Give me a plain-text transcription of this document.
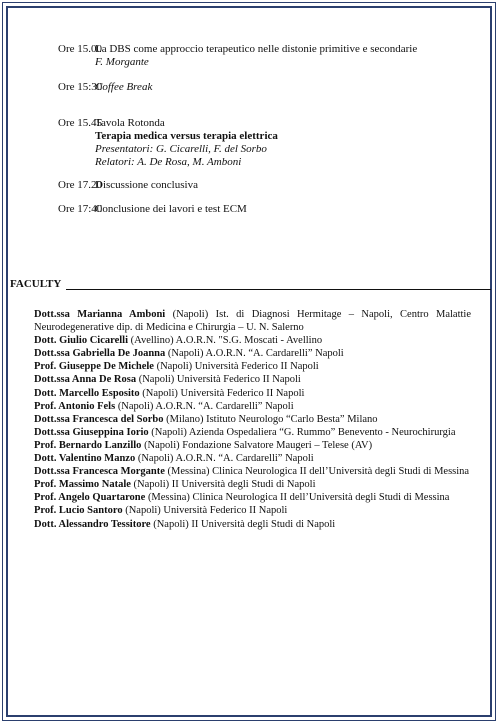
Ore 15.00
La DBS come approccio terapeutico nelle distonie primitive e secondarie
F. Morgante
Ore 15:30
Coffee Break
Ore 15.45
Tavola Rotonda
Terapia medica versus terapia elettrica
Presentatori: G. Cicarelli, F. del Sorbo
Relatori: A. De Rosa, M. Amboni
Ore 17.20
Discussione conclusiva
Ore 17:40
Conclusione dei lavori e test ECM
FACULTY
Dott.ssa Marianna Amboni (Napoli) Ist. di Diagnosi Hermitage – Napoli, Centro Malattie Neurodegenerative dip. di Medicina e Chirurgia – U. N. Salerno
Dott. Giulio Cicarelli (Avellino) A.O.R.N. "S.G. Moscati - Avellino
Dott.ssa Gabriella De Joanna (Napoli) A.O.R.N. “A. Cardarelli” Napoli
Prof. Giuseppe De Michele (Napoli) Università Federico II Napoli
Dott.ssa Anna De Rosa (Napoli) Università Federico II Napoli
Dott. Marcello Esposito (Napoli) Università Federico II Napoli
Prof. Antonio Fels (Napoli) A.O.R.N. “A. Cardarelli” Napoli
Dott.ssa Francesca del Sorbo (Milano) Istituto Neurologo “Carlo Besta” Milano
Dott.ssa Giuseppina Iorio (Napoli) Azienda Ospedaliera “G. Rummo” Benevento - Neurochirurgia
Prof. Bernardo Lanzillo (Napoli) Fondazione Salvatore Maugeri – Telese (AV)
Dott. Valentino Manzo (Napoli) A.O.R.N. “A. Cardarelli” Napoli
Dott.ssa Francesca Morgante (Messina) Clinica Neurologica II dell’Università degli Studi di Messina
Prof. Massimo Natale (Napoli) II Università degli Studi di Napoli
Prof. Angelo Quartarone (Messina) Clinica Neurologica II dell’Università degli Studi di Messina
Prof. Lucio Santoro (Napoli) Università Federico II Napoli
Dott. Alessandro Tessitore (Napoli) II Università degli Studi di Napoli
